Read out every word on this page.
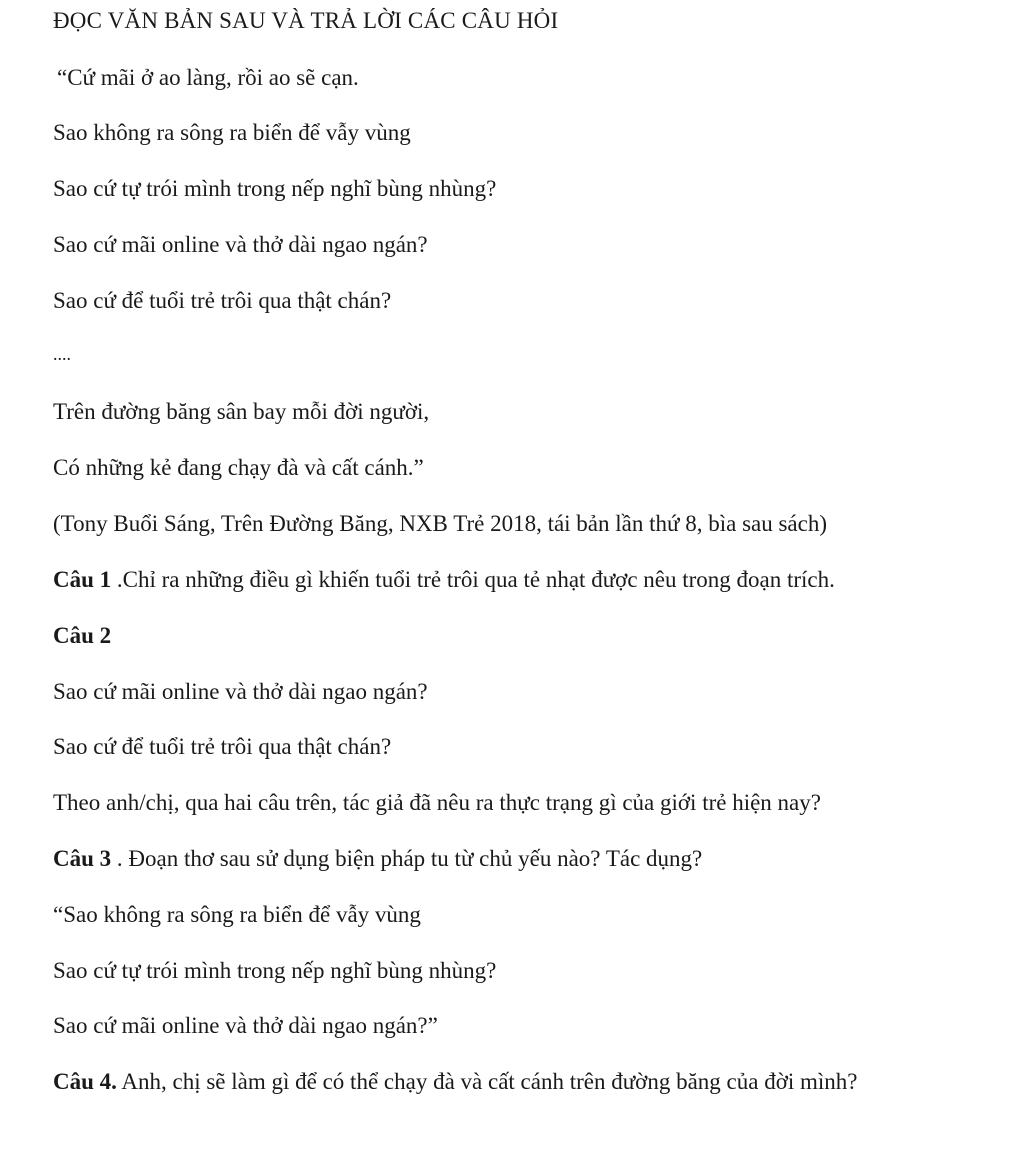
ĐỌC VĂN BẢN SAU VÀ TRẢ LỜI CÁC CÂU HỎI
“Cứ mãi ở ao làng, rồi ao sẽ cạn.
Sao không ra sông ra biển để vẫy vùng
Sao cứ tự trói mình trong nếp nghĩ bùng nhùng?
Sao cứ mãi online và thở dài ngao ngán?
Sao cứ để tuổi trẻ trôi qua thật chán?
....
Trên đường băng sân bay mỗi đời người,
Có những kẻ đang chạy đà và cất cánh.”
(Tony Buổi Sáng, Trên Đường Băng, NXB Trẻ 2018, tái bản lần thứ 8, bìa sau sách)
Câu 1 .Chỉ ra những điều gì khiến tuổi trẻ trôi qua tẻ nhạt được nêu trong đoạn trích.
Câu 2
Sao cứ mãi online và thở dài ngao ngán?
Sao cứ để tuổi trẻ trôi qua thật chán?
Theo anh/chị, qua hai câu trên, tác giả đã nêu ra thực trạng gì của giới trẻ hiện nay?
Câu 3 . Đoạn thơ sau sử dụng biện pháp tu từ chủ yếu nào? Tác dụng?
“Sao không ra sông ra biển để vẫy vùng
Sao cứ tự trói mình trong nếp nghĩ bùng nhùng?
Sao cứ mãi online và thở dài ngao ngán?”
Câu 4. Anh, chị sẽ làm gì để có thể chạy đà và cất cánh trên đường băng của đời mình?
